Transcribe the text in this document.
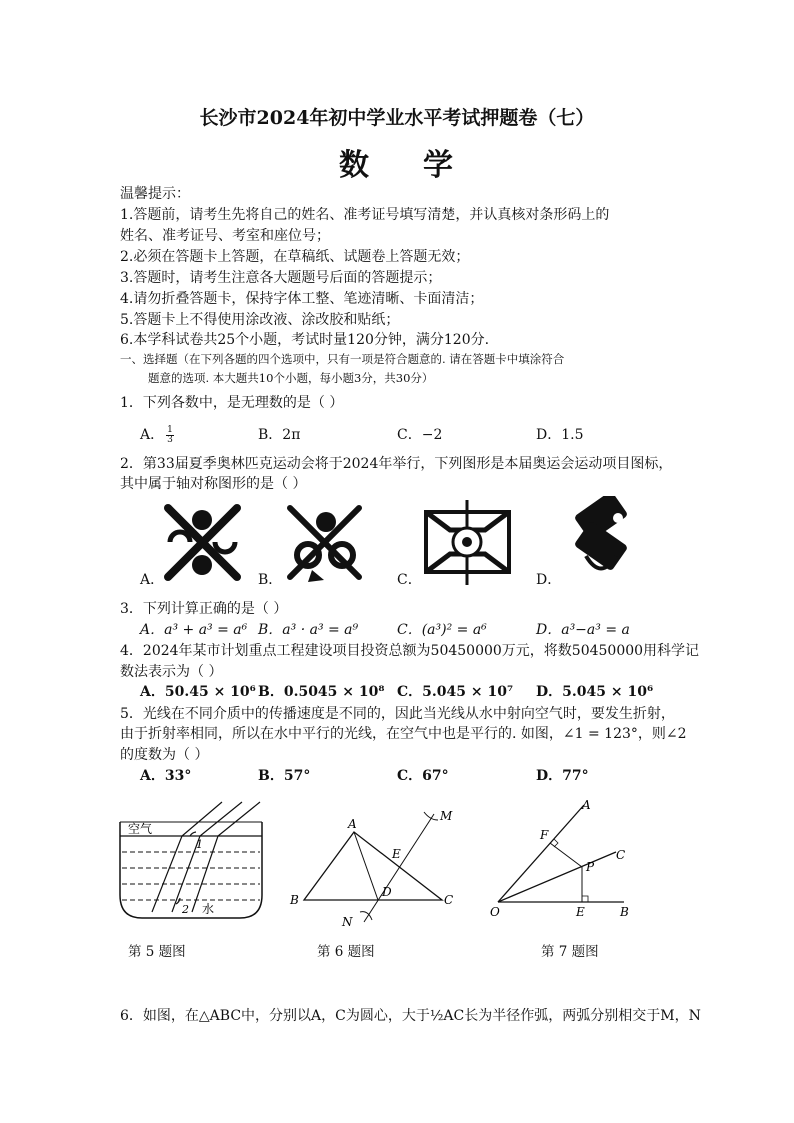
长沙市2024年初中学业水平考试押题卷（七）
数 学
温馨提示：
1.答题前，请考生先将自己的姓名、准考证号填写清楚，并认真核对条形码上的
姓名、准考证号、考室和座位号；
2.必须在答题卡上答题，在草稿纸、试题卷上答题无效；
3.答题时，请考生注意各大题题号后面的答题提示；
4.请勿折叠答题卡，保持字体工整、笔迹清晰、卡面清洁；
5.答题卡上不得使用涂改液、涂改胶和贴纸；
6.本学科试卷共25个小题，考试时量120分钟，满分120分.
一、选择题（在下列各题的四个选项中，只有一项是符合题意的. 请在答题卡中填涂符合
题意的选项. 本大题共10个小题，每小题3分，共30分）
1．下列各数中，是无理数的是（ ）
A． $\frac{1}{3}$	B．2π	C．−2	D．1.5
2．第33届夏季奥林匹克运动会将于2024年举行，下列图形是本届奥运会运动项目图标，
其中属于轴对称图形的是（ ）
A．	B．	C．	D．
3．下列计算正确的是（ ）
A．a³ + a³ = a⁶ B．a³ · a³ = a⁹	C．(a³)² = a⁶	D．a³−a³ = a
4．2024年某市计划重点工程建设项目投资总额为50450000万元，将数50450000用科学记
数法表示为（ ）
A．50.45 × 10⁶ B．0.5045 × 10⁸ C．5.045 × 10⁷ D．5.045 × 10⁶
5．光线在不同介质中的传播速度是不同的，因此当光线从水中射向空气时，要发生折射，
由于折射率相同，所以在水中平行的光线，在空气中也是平行的. 如图，∠1 = 123°，则∠2
的度数为（ ）
A．33°	B．57°	C．67°	D．77°
空气
1
2 水
第 5 题图
A
B	C
D
E
M
N
第 6 题图
A
B
C
O	E
F
P
第 7 题图
6．如图，在△ABC中，分别以A，C为圆心，大于½AC长为半径作弧，两弧分别相交于M，N
